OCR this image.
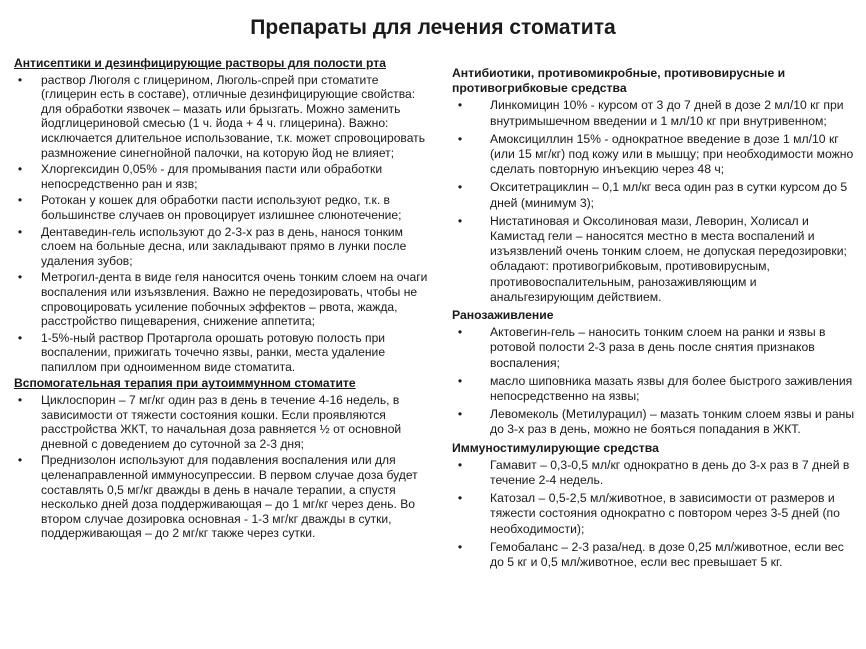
Препараты для лечения стоматита
Антисептики и дезинфицирующие растворы для полости рта
•	раствор Люголя с глицерином, Люголь-спрей при стоматите (глицерин есть в составе), отличные дезинфицирующие свойства: для обработки язвочек – мазать или брызгать. Можно заменить йодглицериновой смесью (1 ч. йода + 4 ч. глицерина). Важно: исключается длительное использование, т.к. может спровоцировать размножение синегнойной палочки, на которую йод не влияет;
•	Хлоргексидин 0,05% - для промывания пасти или обработки непосредственно ран и язв;
•	Ротокан у кошек для обработки пасти используют редко, т.к. в большинстве случаев он провоцирует излишнее слюнотечение;
•	Дентаведин-гель используют до 2-3-х раз в день, нанося тонким слоем на больные десна, или закладывают прямо в лунки после удаления зубов;
•	Метрогил-дента в виде геля наносится очень тонким слоем на очаги воспаления или изъязвления. Важно не передозировать, чтобы не спровоцировать усиление побочных эффектов – рвота, жажда, расстройство пищеварения, снижение аппетита;
•	1-5%-ный раствор Протаргола орошать ротовую полость при воспалении, прижигать точечно язвы, ранки, места удаление папиллом при одноименном виде стоматита.
Вспомогательная терапия при аутоиммунном стоматите
•	Циклоспорин – 7 мг/кг один раз в день в течение 4-16 недель, в зависимости от тяжести состояния кошки. Если проявляются расстройства ЖКТ, то начальная доза равняется ½ от основной дневной с доведением до суточной за 2-3 дня;
•	Преднизолон используют для подавления воспаления или для целенаправленной иммуносупрессии. В первом случае доза будет составлять 0,5 мг/кг дважды в день в начале терапии, а спустя несколько дней доза поддерживающая – до 1 мг/кг через день. Во втором случае дозировка основная - 1-3 мг/кг дважды в сутки, поддерживающая – до 2 мг/кг также через сутки.
Антибиотики, противомикробные, противовирусные и противогрибковые средства
•	Линкомицин 10% - курсом от 3 до 7 дней в дозе 2 мл/10 кг при внутримышечном введении и 1 мл/10 кг при внутривенном;
•	Амоксициллин 15% - однократное введение в дозе 1 мл/10 кг (или 15 мг/кг) под кожу или в мышцу; при необходимости можно сделать повторную инъекцию через 48 ч;
•	Окситетрациклин – 0,1 мл/кг веса один раз в сутки курсом до 5 дней (минимум 3);
•	Нистатиновая и Оксолиновая мази, Леворин, Холисал и Камистад гели – наносятся местно в места воспалений и изъязвлений очень тонким слоем, не допуская передозировки; обладают: противогрибковым, противовирусным, противовоспалительным, ранозаживляющим и анальгезирующим действием.
Ранозаживление
•	Актовегин-гель – наносить тонким слоем на ранки и язвы в ротовой полости 2-3 раза в день после снятия признаков воспаления;
•	масло шиповника мазать язвы для более быстрого заживления непосредственно на язвы;
•	Левомеколь (Метилурацил) – мазать тонким слоем язвы и раны до 3-х раз в день, можно не бояться попадания в ЖКТ.
Иммуностимулирующие средства
•	Гамавит – 0,3-0,5 мл/кг однократно в день до 3-х раз в 7 дней в течение 2-4 недель.
•	Катозал – 0,5-2,5 мл/животное, в зависимости от размеров и тяжести состояния однократно с повтором через 3-5 дней (по необходимости);
•	Гемобаланс – 2-3 раза/нед. в дозе 0,25 мл/животное, если вес до 5 кг и 0,5 мл/животное, если вес превышает 5 кг.
